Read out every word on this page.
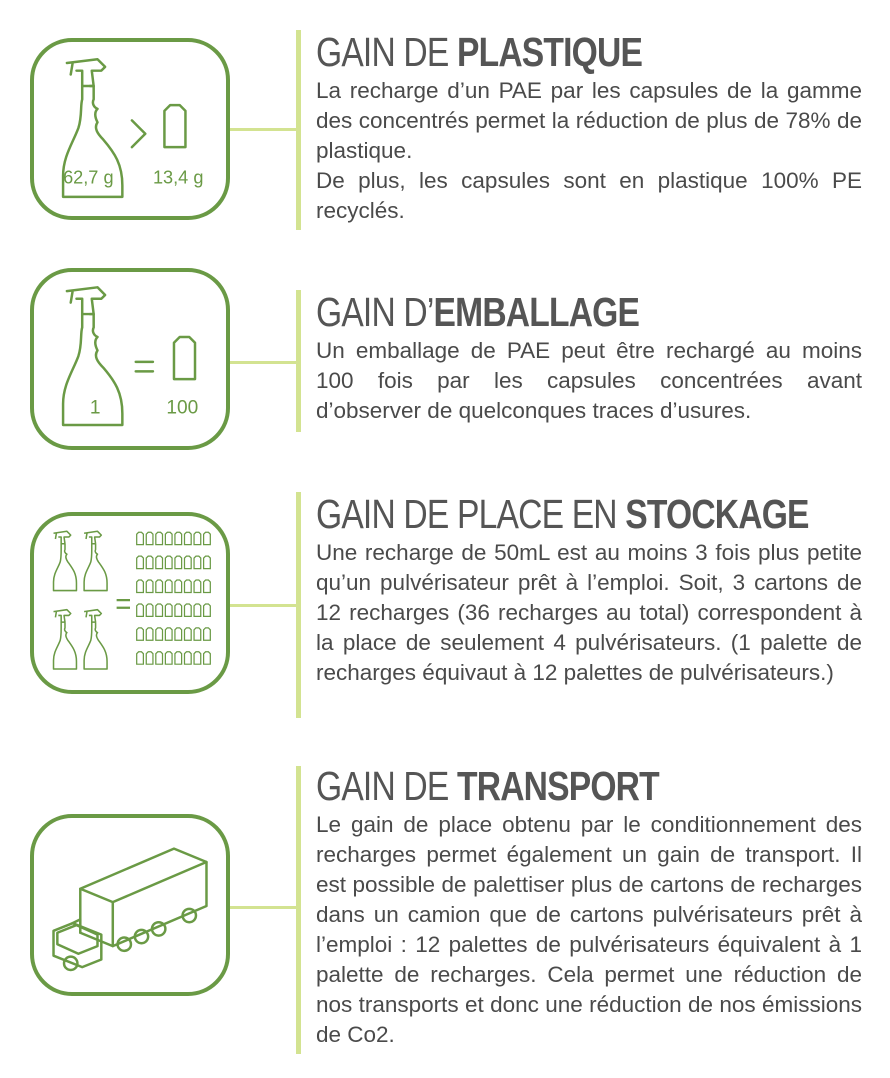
62,7 g 13,4 g
GAIN DE PLASTIQUE

La recharge d’un PAE par les capsules de la gamme des concentrés permet la réduction de plus de 78% de plastique.

De plus, les capsules sont en plastique 100% PE recyclés.

1	100
GAIN D’EMBALLAGE

Un emballage de PAE peut être rechargé au moins 100 fois par les capsules concentrées avant d’observer de quelconques traces d’usures.

GAIN DE PLACE EN STOCKAGE

Une recharge de 50mL est au moins 3 fois plus petite qu’un pulvérisateur prêt à l’emploi. Soit, 3 cartons de 12 recharges (36 recharges au total) correspondent à la place de seulement 4 pulvérisateurs. (1 palette de recharges équivaut à 12 palettes de pulvérisateurs.)

GAIN DE TRANSPORT

Le gain de place obtenu par le conditionnement des recharges permet également un gain de transport. Il est possible de palettiser plus de cartons de recharges dans un camion que de cartons pulvérisateurs prêt à l’emploi : 12 palettes de pulvérisateurs équivalent à 1 palette de recharges. Cela permet une réduction de nos transports et donc une réduction de nos émissions de Co2.
